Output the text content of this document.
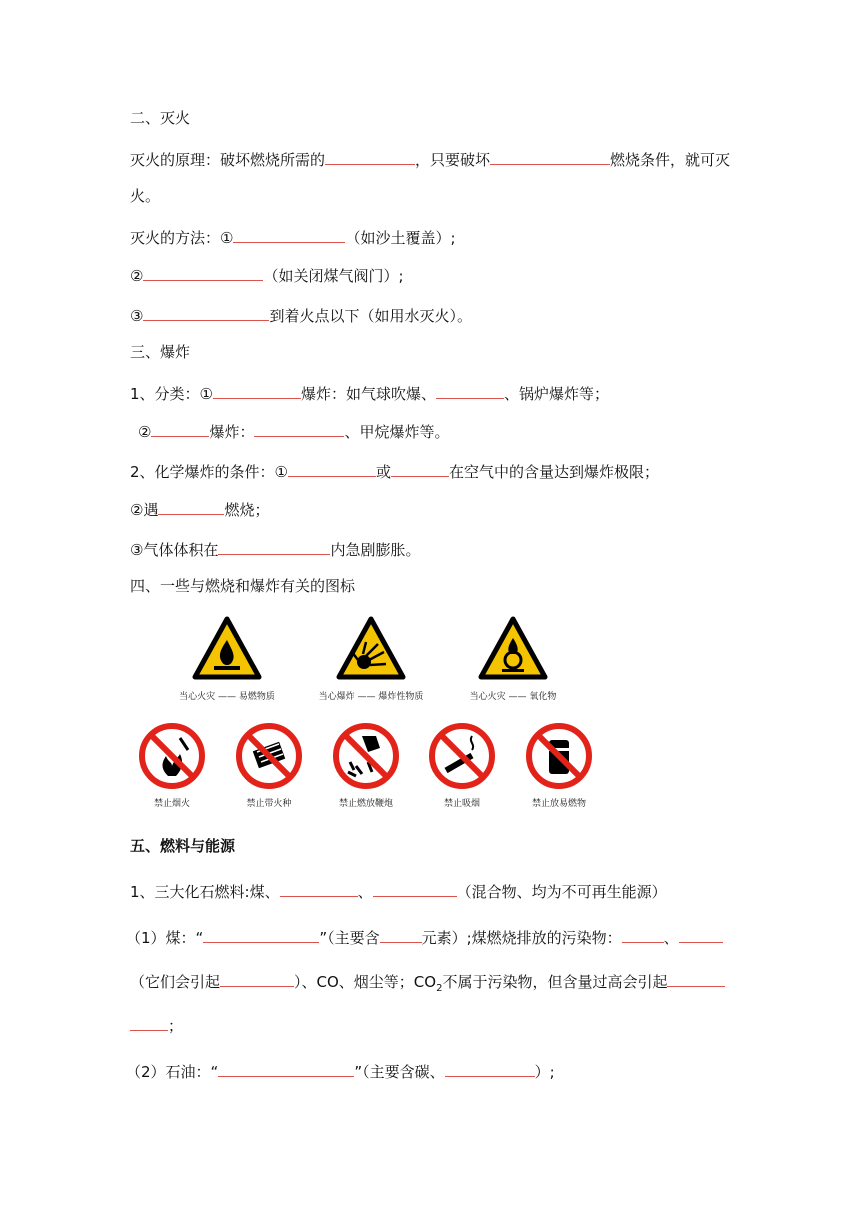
二、灭火
灭火的原理：破坏燃烧所需的	，只要破坏	燃烧条件，就可灭
火。
灭火的方法：①	（如沙土覆盖）;
②	（如关闭煤气阀门）;
③	到着火点以下（如用水灭火）。
三、爆炸
1、分类：①	爆炸：如气球吹爆、	、锅炉爆炸等；
②	爆炸：	、甲烷爆炸等。
2、化学爆炸的条件：①	或	在空气中的含量达到爆炸极限；
②遇	燃烧；
③气体体积在	内急剧膨胀。
四、一些与燃烧和爆炸有关的图标
当心火灾 —— 易燃物质	当心爆炸 —— 爆炸性物质	当心火灾 —— 氧化物
禁止烟火	禁止带火种	禁止燃放鞭炮	禁止吸烟	禁止放易燃物
五、燃料与能源
1、三大化石燃料:煤、	、	（混合物、均为不可再生能源）
（1）煤：“	”（主要含	元素）;煤燃烧排放的污染物：	、
（它们会引起	）、CO、烟尘等；$CO_2$不属于污染物，但含量过高会引起
；
（2）石油：“	”（主要含碳、	）;
